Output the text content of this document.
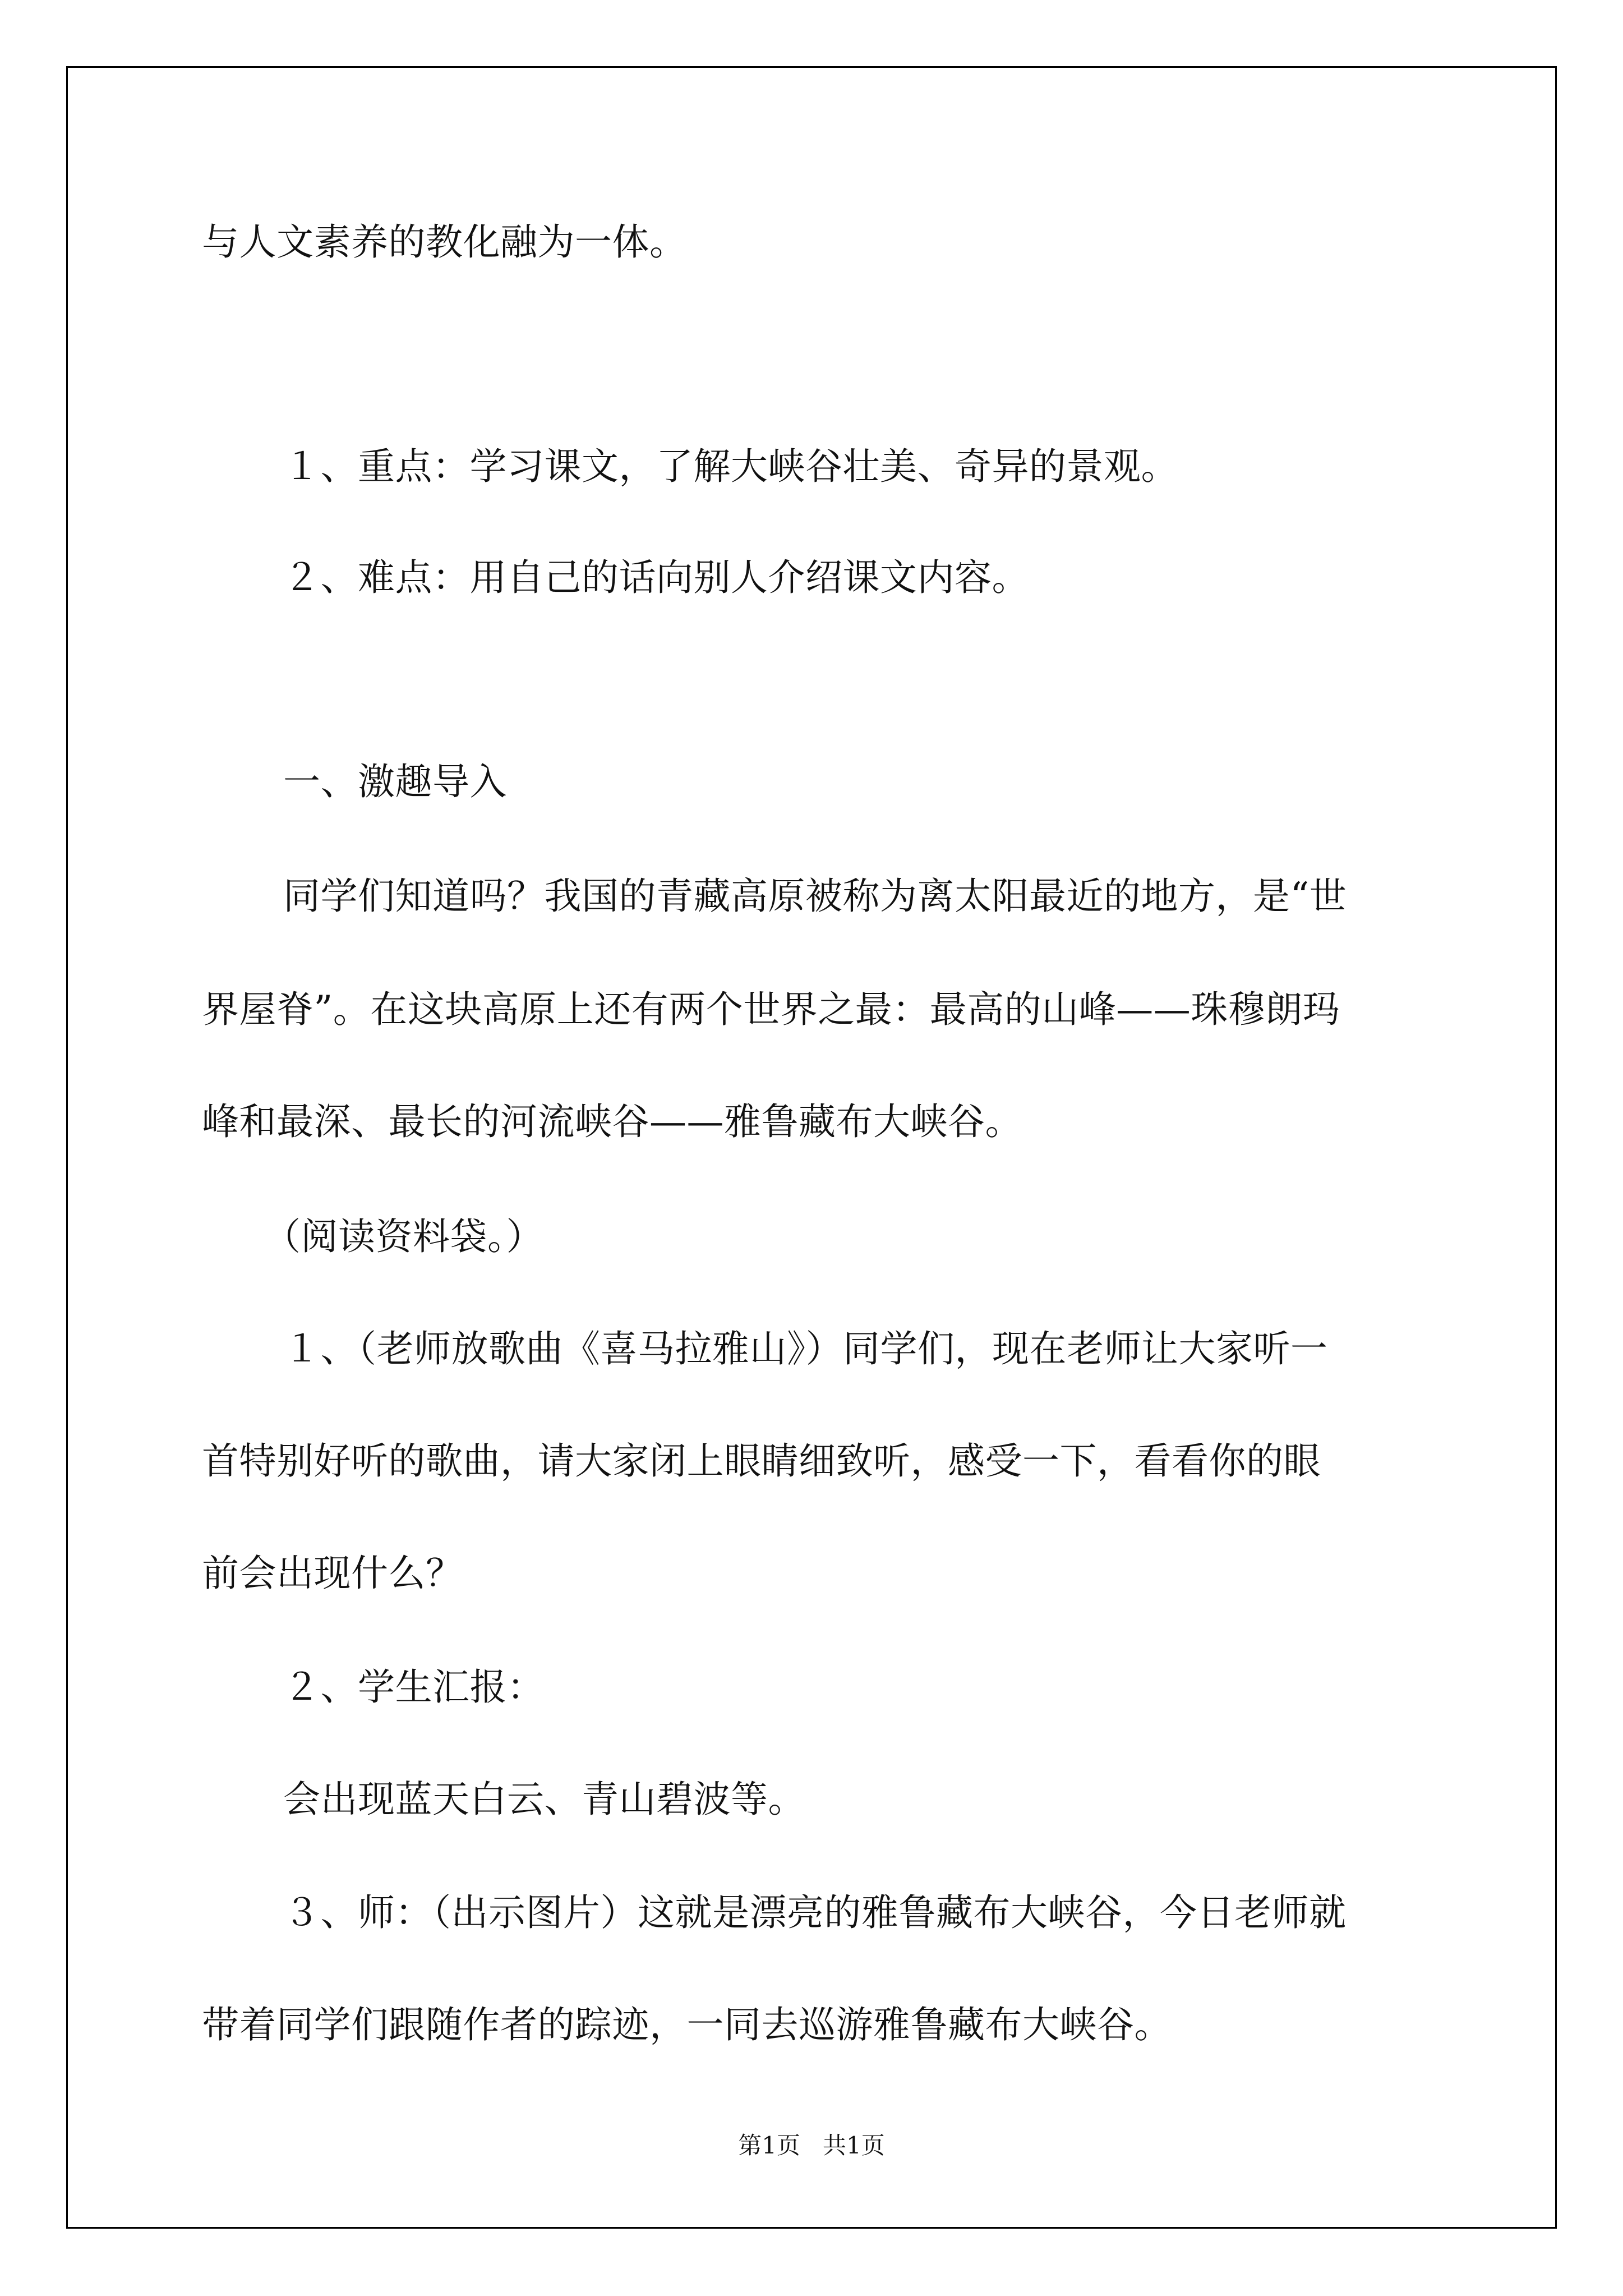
与人文素养的教化融为一体。
１、重点：学习课文，了解大峡谷壮美、奇异的景观。
２、难点：用自己的话向别人介绍课文内容。
一、激趣导入
同学们知道吗？我国的青藏高原被称为离太阳最近的地方，是“世
界屋脊”。在这块高原上还有两个世界之最：最高的山峰——珠穆朗玛
峰和最深、最长的河流峡谷——雅鲁藏布大峡谷。
（阅读资料袋。）
１、（老师放歌曲《喜马拉雅山》）同学们，现在老师让大家听一
首特别好听的歌曲，请大家闭上眼睛细致听，感受一下，看看你的眼
前会出现什么？
２、学生汇报：
会出现蓝天白云、青山碧波等。
３、师：（出示图片）这就是漂亮的雅鲁藏布大峡谷，今日老师就
带着同学们跟随作者的踪迹，一同去巡游雅鲁藏布大峡谷。
第1页   共1页
